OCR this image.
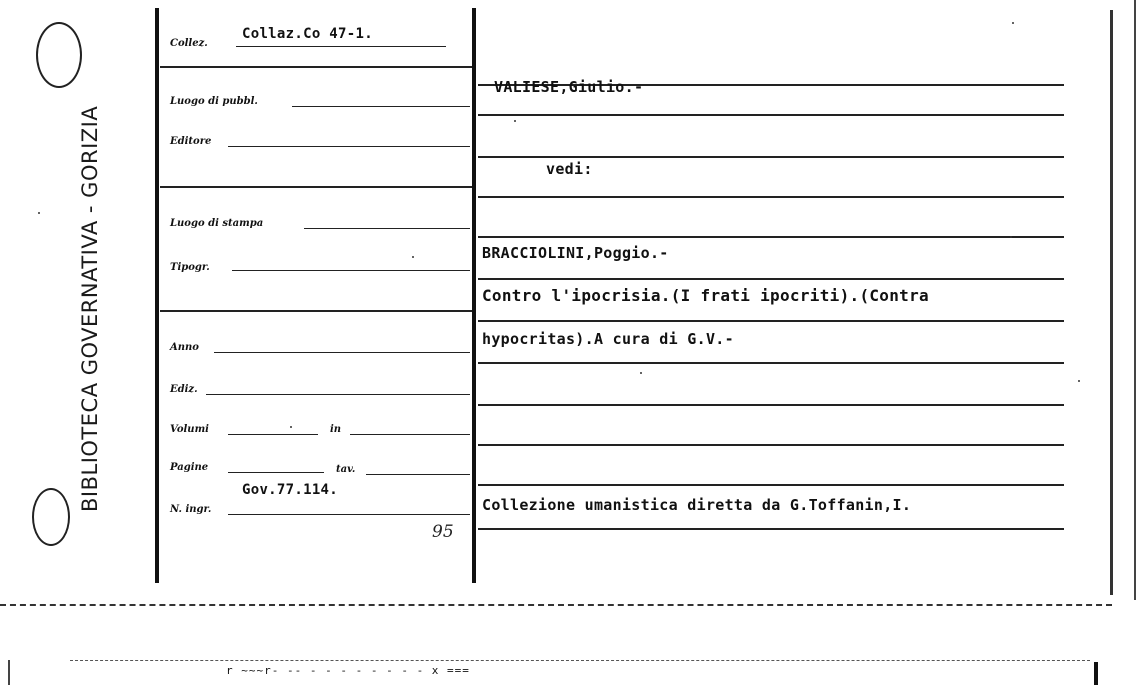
BIBLIOTECA GOVERNATIVA - GORIZIA
Collez.
Collaz.Co 47-1.
Luogo di pubbl.
Editore
Luogo di stampa
Tipogr.
Anno
Ediz.
Volumi	in
Pagine	tav.
N. ingr.
Gov.77.114.
95
VALIESE,Giulio.-
vedi:
BRACCIOLINI,Poggio.-
Contro l'ipocrisia.(I frati ipocriti).(Contra
hypocritas).A cura di G.V.-
Collezione umanistica diretta da G.Toffanin,I.
r ~~~r- -- - - - - - - - - x ===
